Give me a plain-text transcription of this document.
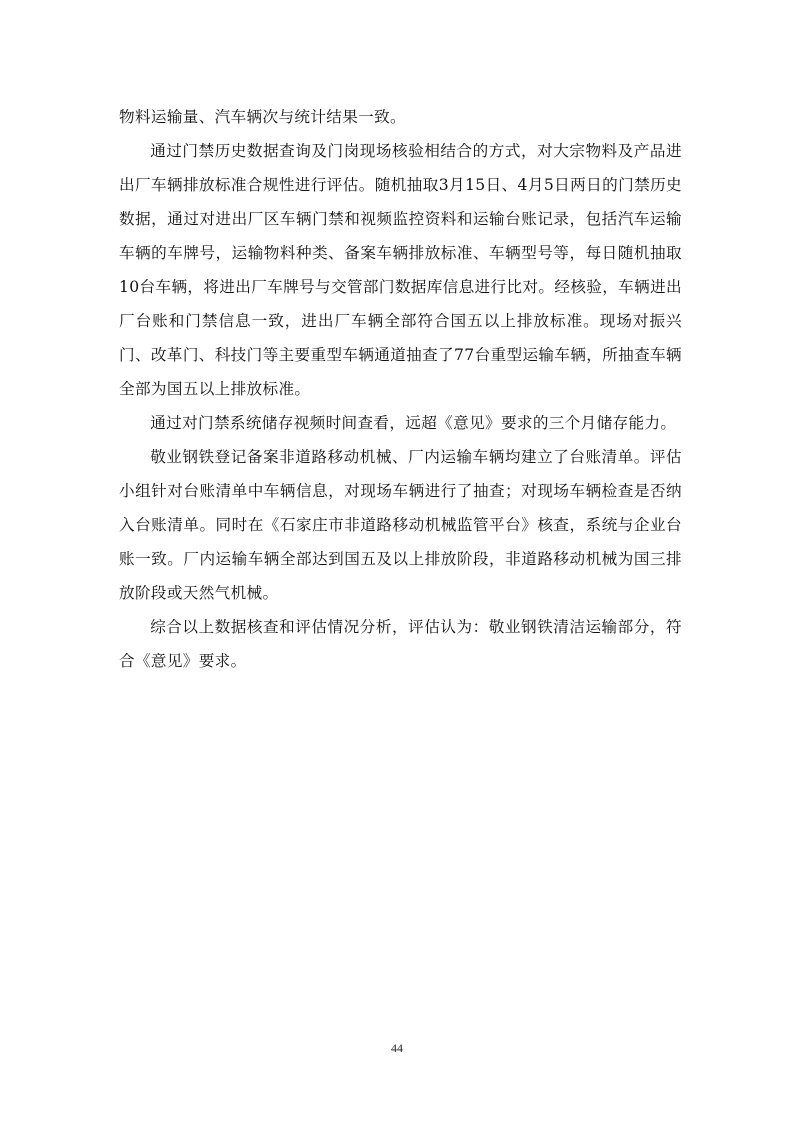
物料运输量、汽车辆次与统计结果一致。

通过门禁历史数据查询及门岗现场核验相结合的方式，对大宗物料及产品进出厂车辆排放标准合规性进行评估。随机抽取3月15日、4月5日两日的门禁历史数据，通过对进出厂区车辆门禁和视频监控资料和运输台账记录，包括汽车运输车辆的车牌号，运输物料种类、备案车辆排放标准、车辆型号等，每日随机抽取10台车辆，将进出厂车牌号与交管部门数据库信息进行比对。经核验，车辆进出厂台账和门禁信息一致，进出厂车辆全部符合国五以上排放标准。现场对振兴门、改革门、科技门等主要重型车辆通道抽查了77台重型运输车辆，所抽查车辆全部为国五以上排放标准。

通过对门禁系统储存视频时间查看，远超《意见》要求的三个月储存能力。

敬业钢铁登记备案非道路移动机械、厂内运输车辆均建立了台账清单。评估小组针对台账清单中车辆信息，对现场车辆进行了抽查；对现场车辆检查是否纳入台账清单。同时在《石家庄市非道路移动机械监管平台》核查，系统与企业台账一致。厂内运输车辆全部达到国五及以上排放阶段，非道路移动机械为国三排放阶段或天然气机械。

综合以上数据核查和评估情况分析，评估认为：敬业钢铁清洁运输部分，符合《意见》要求。

44
